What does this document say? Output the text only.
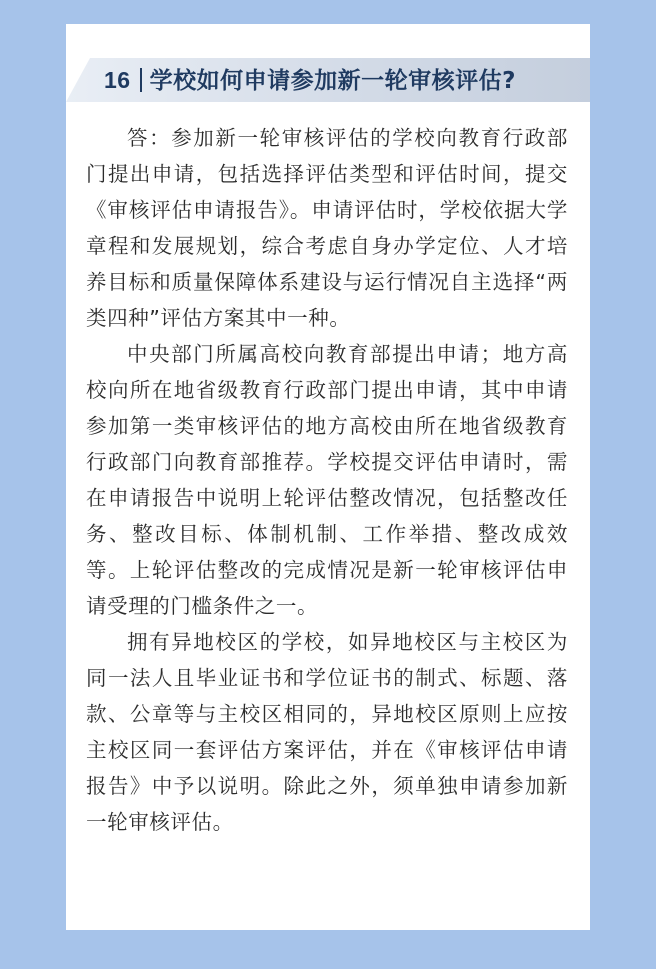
16 学校如何申请参加新一轮审核评估?

答：参加新一轮审核评估的学校向教育行政部门提出申请，包括选择评估类型和评估时间，提交《审核评估申请报告》。申请评估时，学校依据大学章程和发展规划，综合考虑自身办学定位、人才培养目标和质量保障体系建设与运行情况自主选择“两类四种”评估方案其中一种。

中央部门所属高校向教育部提出申请；地方高校向所在地省级教育行政部门提出申请，其中申请参加第一类审核评估的地方高校由所在地省级教育行政部门向教育部推荐。学校提交评估申请时，需在申请报告中说明上轮评估整改情况，包括整改任务、整改目标、体制机制、工作举措、整改成效等。上轮评估整改的完成情况是新一轮审核评估申请受理的门槛条件之一。

拥有异地校区的学校，如异地校区与主校区为同一法人且毕业证书和学位证书的制式、标题、落款、公章等与主校区相同的，异地校区原则上应按主校区同一套评估方案评估，并在《审核评估申请报告》中予以说明。除此之外，须单独申请参加新一轮审核评估。
